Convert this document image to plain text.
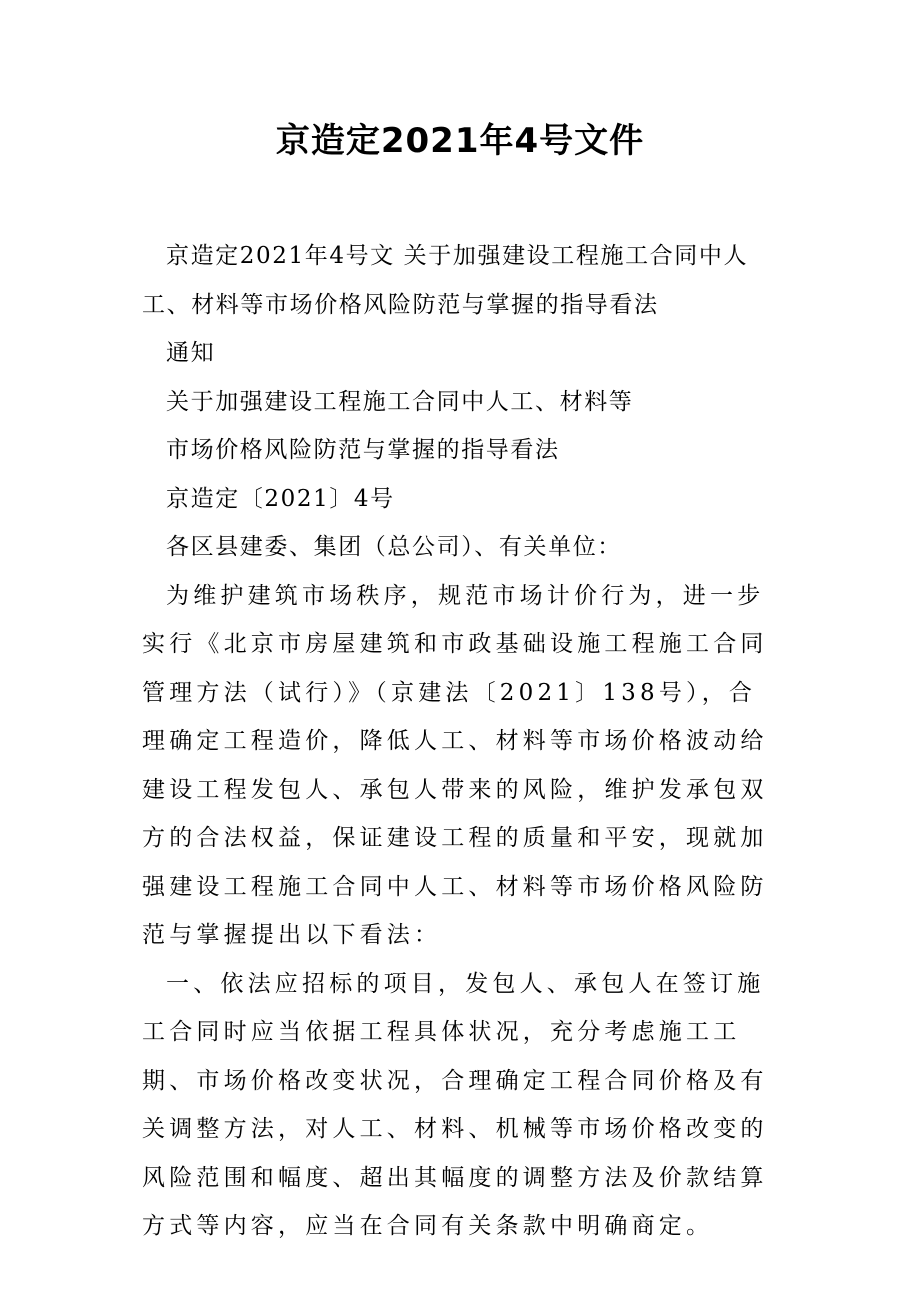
京造定2021年4号文件

京造定2021年4号文 关于加强建设工程施工合同中人工、材料等市场价格风险防范与掌握的指导看法

通知

关于加强建设工程施工合同中人工、材料等

市场价格风险防范与掌握的指导看法

京造定〔2021〕4号

各区县建委、集团（总公司）、有关单位：

为维护建筑市场秩序，规范市场计价行为，进一步实行《北京市房屋建筑和市政基础设施工程施工合同管理方法（试行）》（京建法〔2021〕138号），合理确定工程造价，降低人工、材料等市场价格波动给建设工程发包人、承包人带来的风险，维护发承包双方的合法权益，保证建设工程的质量和平安，现就加强建设工程施工合同中人工、材料等市场价格风险防范与掌握提出以下看法：

一、依法应招标的项目，发包人、承包人在签订施工合同时应当依据工程具体状况，充分考虑施工工期、市场价格改变状况，合理确定工程合同价格及有关调整方法，对人工、材料、机械等市场价格改变的风险范围和幅度、超出其幅度的调整方法及价款结算方式等内容，应当在合同有关条款中明确商定。
